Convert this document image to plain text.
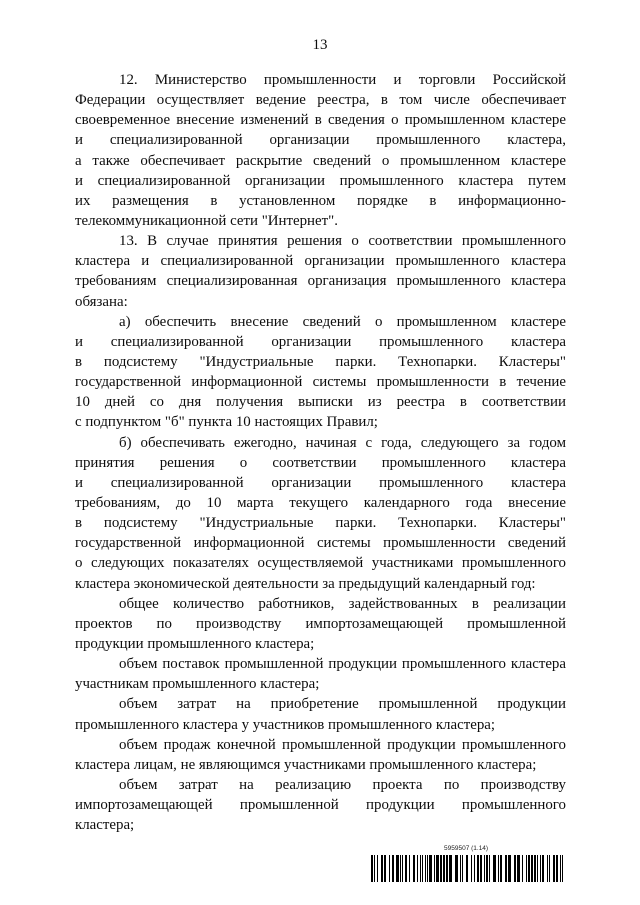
13
12. Министерство промышленности и торговли Российской
Федерации осуществляет ведение реестра, в том числе обеспечивает
своевременное внесение изменений в сведения о промышленном кластере
и специализированной организации промышленного кластера,
а также обеспечивает раскрытие сведений о промышленном кластере
и специализированной организации промышленного кластера путем
их размещения в установленном порядке в информационно-
телекоммуникационной сети "Интернет".
13. В случае принятия решения о соответствии промышленного
кластера и специализированной организации промышленного кластера
требованиям специализированная организация промышленного кластера
обязана:
а) обеспечить внесение сведений о промышленном кластере
и специализированной организации промышленного кластера
в подсистему "Индустриальные парки. Технопарки. Кластеры"
государственной информационной системы промышленности в течение
10 дней со дня получения выписки из реестра в соответствии
с подпунктом "б" пункта 10 настоящих Правил;
б) обеспечивать ежегодно, начиная с года, следующего за годом
принятия решения о соответствии промышленного кластера
и специализированной организации промышленного кластера
требованиям, до 10 марта текущего календарного года внесение
в подсистему "Индустриальные парки. Технопарки. Кластеры"
государственной информационной системы промышленности сведений
о следующих показателях осуществляемой участниками промышленного
кластера экономической деятельности за предыдущий календарный год:
общее количество работников, задействованных в реализации
проектов по производству импортозамещающей промышленной
продукции промышленного кластера;
объем поставок промышленной продукции промышленного кластера
участникам промышленного кластера;
объем затрат на приобретение промышленной продукции
промышленного кластера у участников промышленного кластера;
объем продаж конечной промышленной продукции промышленного
кластера лицам, не являющимся участниками промышленного кластера;
объем затрат на реализацию проекта по производству
импортозамещающей промышленной продукции промышленного
кластера;
5959507 (1.14)
